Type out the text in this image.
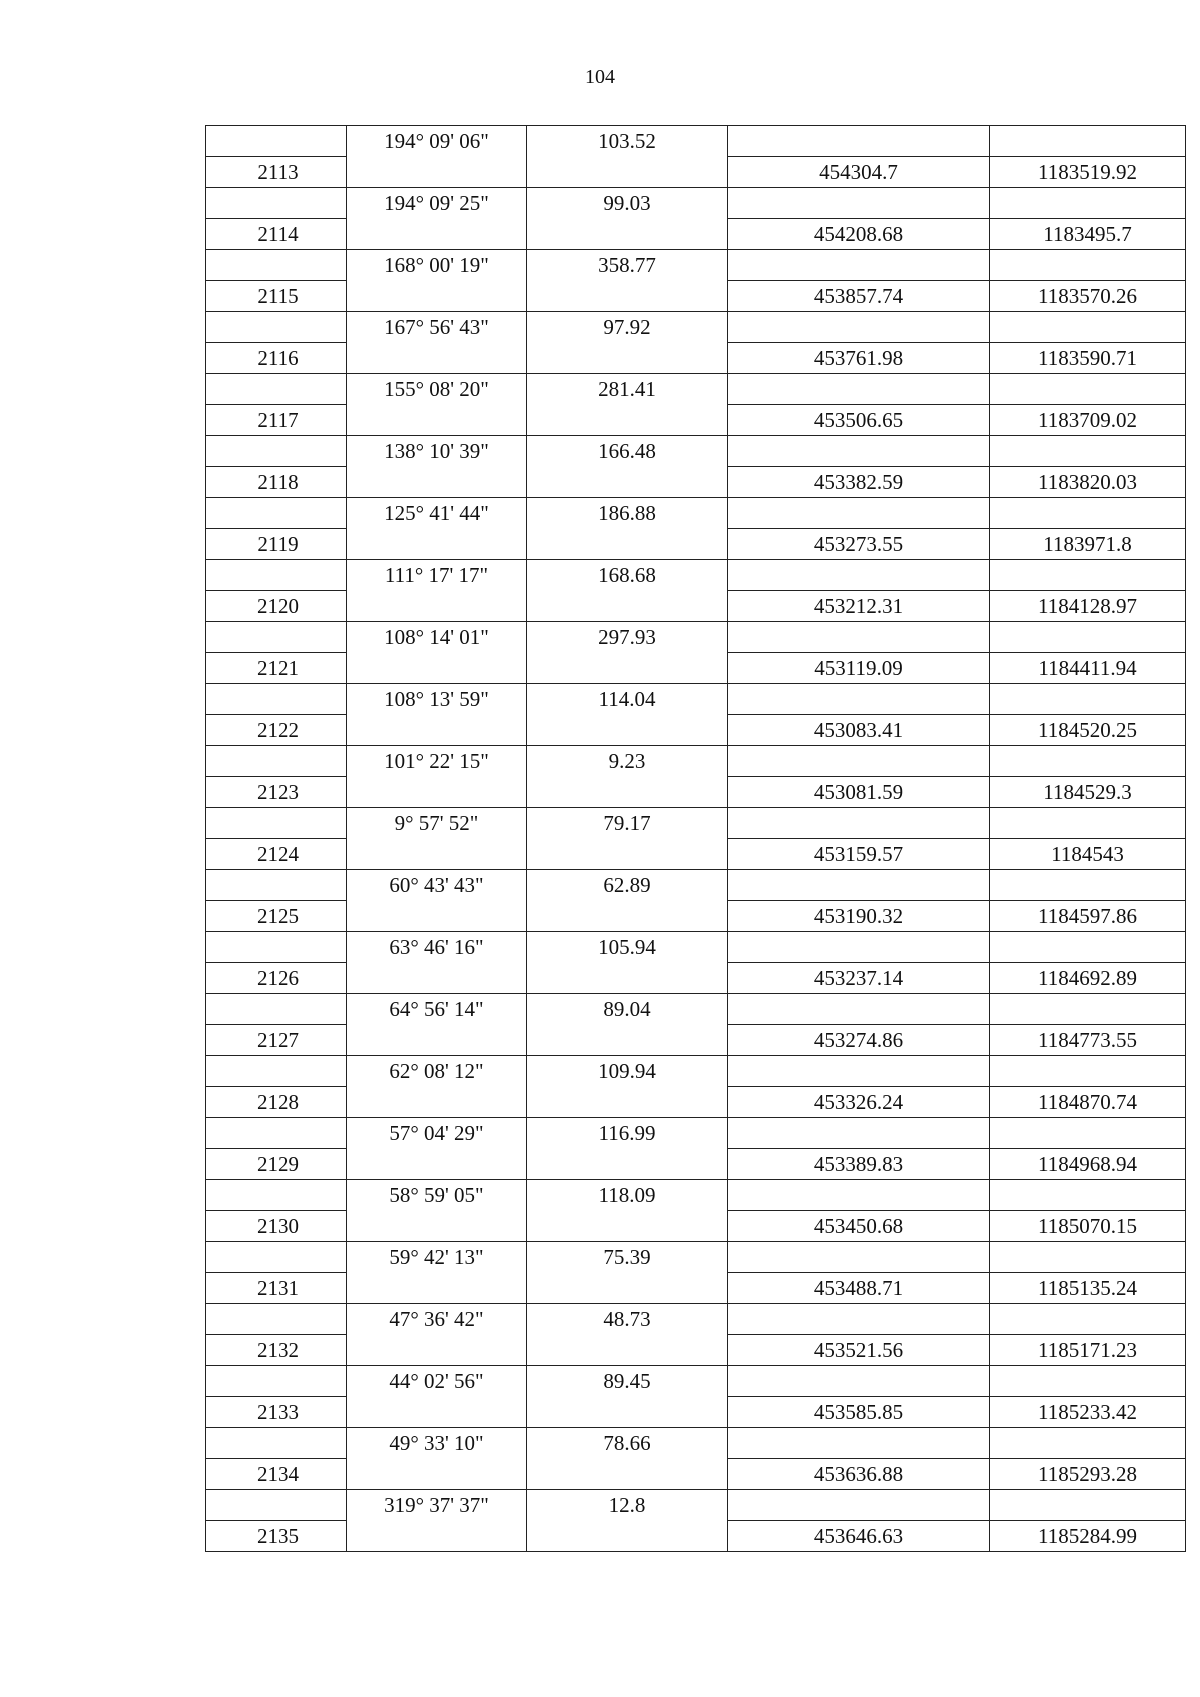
104
	194° 09' 06"	103.52		
2113			454304.7	1183519.92
	194° 09' 25"	99.03		
2114			454208.68	1183495.7
	168° 00' 19"	358.77		
2115			453857.74	1183570.26
	167° 56' 43"	97.92		
2116			453761.98	1183590.71
	155° 08' 20"	281.41		
2117			453506.65	1183709.02
	138° 10' 39"	166.48		
2118			453382.59	1183820.03
	125° 41' 44"	186.88		
2119			453273.55	1183971.8
	111° 17' 17"	168.68		
2120			453212.31	1184128.97
	108° 14' 01"	297.93		
2121			453119.09	1184411.94
	108° 13' 59"	114.04		
2122			453083.41	1184520.25
	101° 22' 15"	9.23		
2123			453081.59	1184529.3
	9° 57' 52"	79.17		
2124			453159.57	1184543
	60° 43' 43"	62.89		
2125			453190.32	1184597.86
	63° 46' 16"	105.94		
2126			453237.14	1184692.89
	64° 56' 14"	89.04		
2127			453274.86	1184773.55
	62° 08' 12"	109.94		
2128			453326.24	1184870.74
	57° 04' 29"	116.99		
2129			453389.83	1184968.94
	58° 59' 05"	118.09		
2130			453450.68	1185070.15
	59° 42' 13"	75.39		
2131			453488.71	1185135.24
	47° 36' 42"	48.73		
2132			453521.56	1185171.23
	44° 02' 56"	89.45		
2133			453585.85	1185233.42
	49° 33' 10"	78.66		
2134			453636.88	1185293.28
	319° 37' 37"	12.8		
2135			453646.63	1185284.99
